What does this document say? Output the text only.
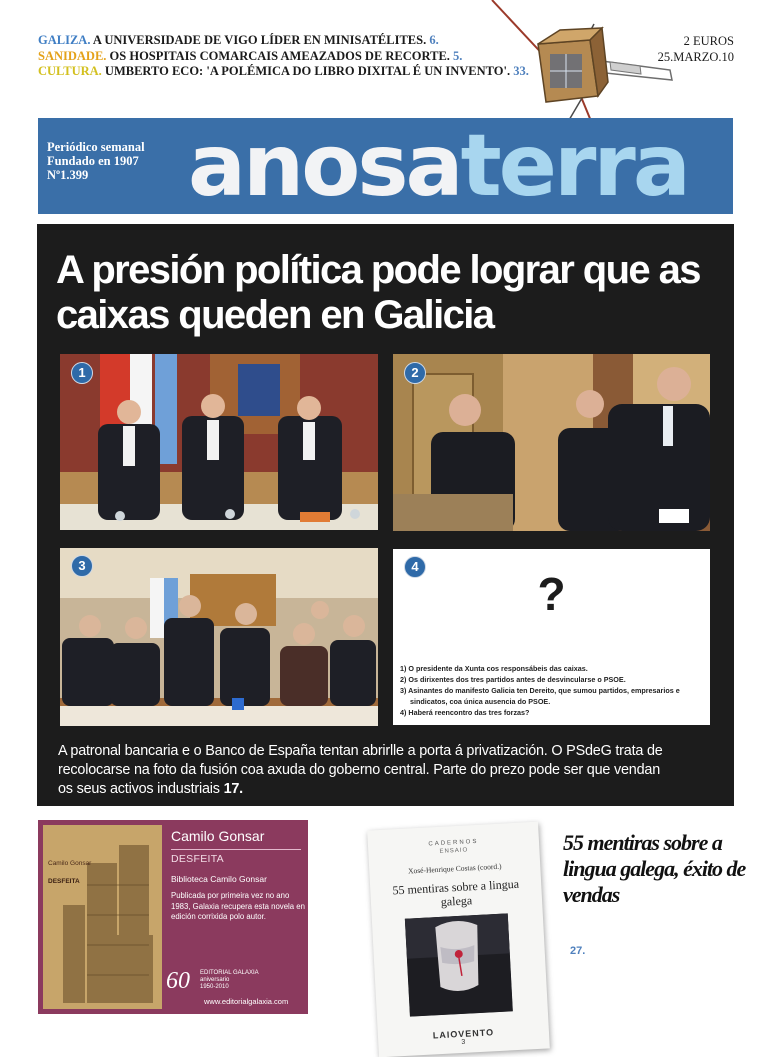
GALIZA. A UNIVERSIDADE DE VIGO LÍDER EN MINISATÉLITES. 6.
SANIDADE. OS HOSPITAIS COMARCAIS AMEAZADOS DE RECORTE. 5.
CULTURA. UMBERTO ECO: 'A POLÉMICA DO LIBRO DIXITAL É UN INVENTO'. 33.
2 EUROS
25.MARZO.10
Periódico semanal
Fundado en 1907
Nº1.399	anosaterra
A presión política pode lograr que as caixas queden en Galicia
1	2
3
?
1) O presidente da Xunta cos responsábeis das caixas.
2) Os dirixentes dos tres partidos antes de desvincularse o PSOE.
3) Asinantes do manifesto Galicia ten Dereito, que sumou partidos, empresarios e
sindicatos, coa única ausencia do PSOE.
4) Haberá reencontro das tres forzas?
4
A patronal bancaria e o Banco de España tentan abrirlle a porta á privatización. O PSdeG trata de recolocarse na foto da fusión coa axuda do goberno central. Parte do prezo pode ser que vendan os seus activos industriais 17.
Camilo Gonsar
DESFEITA
Camilo Gonsar
DESFEITA
Biblioteca Camilo Gonsar
Publicada por primeira vez no ano 1983, Galaxia recupera esta novela en edición corrixida polo autor.
60 EDITORIAL GALAXIA
aniversario
1950-2010
www.editorialgalaxia.com
CADERNOS
ENSAIO
Xosé-Henrique Costas (coord.)
55 mentiras sobre a lingua galega
LAIOVENTO
3
55 mentiras sobre a lingua galega, éxito de vendas
27.
